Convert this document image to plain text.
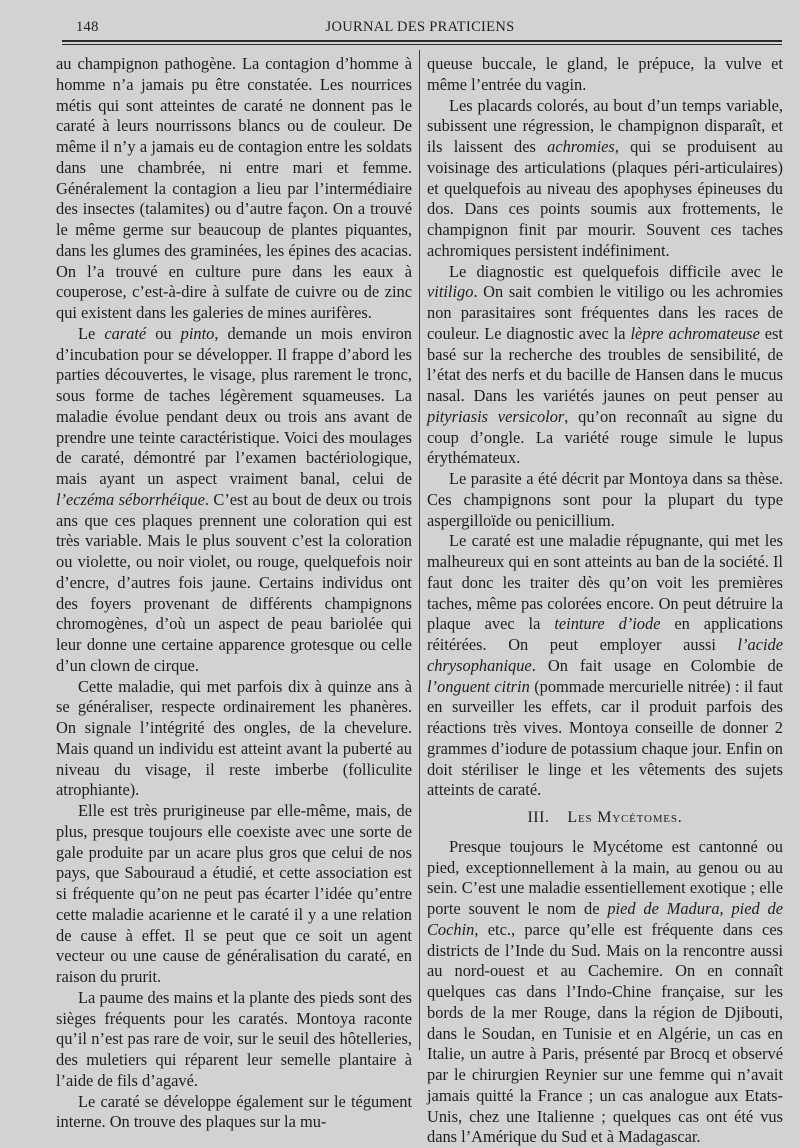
148	JOURNAL DES PRATICIENS

au champignon pathogène. La contagion d’homme à homme n’a jamais pu être constatée. Les nourrices métis qui sont atteintes de caraté ne donnent pas le caraté à leurs nourrissons blancs ou de couleur. De même il n’y a jamais eu de contagion entre les soldats dans une chambrée, ni entre mari et femme. Généralement la contagion a lieu par l’intermédiaire des insectes (talamites) ou d’autre façon. On a trouvé le même germe sur beaucoup de plantes piquantes, dans les glumes des graminées, les épines des acacias. On l’a trouvé en culture pure dans les eaux à couperose, c’est-à-dire à sulfate de cuivre ou de zinc qui existent dans les galeries de mines aurifères.

Le caraté ou pinto, demande un mois environ d’incubation pour se développer. Il frappe d’abord les parties découvertes, le visage, plus rarement le tronc, sous forme de taches légèrement squameuses. La maladie évolue pendant deux ou trois ans avant de prendre une teinte caractéristique. Voici des moulages de caraté, démontré par l’examen bactériologique, mais ayant un aspect vraiment banal, celui de l’eczéma séborrhéique. C’est au bout de deux ou trois ans que ces plaques prennent une coloration qui est très variable. Mais le plus souvent c’est la coloration ou violette, ou noir violet, ou rouge, quelquefois noir d’encre, d’autres fois jaune. Certains individus ont des foyers provenant de différents champignons chromogènes, d’où un aspect de peau bariolée qui leur donne une certaine apparence grotesque ou celle d’un clown de cirque.

Cette maladie, qui met parfois dix à quinze ans à se généraliser, respecte ordinairement les phanères. On signale l’intégrité des ongles, de la chevelure. Mais quand un individu est atteint avant la puberté au niveau du visage, il reste imberbe (folliculite atrophiante).

Elle est très prurigineuse par elle-même, mais, de plus, presque toujours elle coexiste avec une sorte de gale produite par un acare plus gros que celui de nos pays, que Sabouraud a étudié, et cette association est si fréquente qu’on ne peut pas écarter l’idée qu’entre cette maladie acarienne et le caraté il y a une relation de cause à effet. Il se peut que ce soit un agent vecteur ou une cause de généralisation du caraté, en raison du prurit.

La paume des mains et la plante des pieds sont des sièges fréquents pour les caratés. Montoya raconte qu’il n’est pas rare de voir, sur le seuil des hôtelleries, des muletiers qui réparent leur semelle plantaire à l’aide de fils d’agavé.

Le caraté se développe également sur le tégument interne. On trouve des plaques sur la mu-

queuse buccale, le gland, le prépuce, la vulve et même l’entrée du vagin.

Les placards colorés, au bout d’un temps variable, subissent une régression, le champignon disparaît, et ils laissent des achromies, qui se produisent au voisinage des articulations (plaques péri-articulaires) et quelquefois au niveau des apophyses épineuses du dos. Dans ces points soumis aux frottements, le champignon finit par mourir. Souvent ces taches achromiques persistent indéfiniment.

Le diagnostic est quelquefois difficile avec le vitiligo. On sait combien le vitiligo ou les achromies non parasitaires sont fréquentes dans les races de couleur. Le diagnostic avec la lèpre achromateuse est basé sur la recherche des troubles de sensibilité, de l’état des nerfs et du bacille de Hansen dans le mucus nasal. Dans les variétés jaunes on peut penser au pityriasis versicolor, qu’on reconnaît au signe du coup d’ongle. La variété rouge simule le lupus érythémateux.

Le parasite a été décrit par Montoya dans sa thèse. Ces champignons sont pour la plupart du type aspergilloïde ou penicillium.

Le caraté est une maladie répugnante, qui met les malheureux qui en sont atteints au ban de la société. Il faut donc les traiter dès qu’on voit les premières taches, même pas colorées encore. On peut détruire la plaque avec la teinture d’iode en applications réitérées. On peut employer aussi l’acide chrysophanique. On fait usage en Colombie de l’onguent citrin (pommade mercurielle nitrée) : il faut en surveiller les effets, car il produit parfois des réactions très vives. Montoya conseille de donner 2 grammes d’iodure de potassium chaque jour. Enfin on doit stériliser le linge et les vêtements des sujets atteints de caraté.

III. Les Mycétomes.

Presque toujours le Mycétome est cantonné ou pied, exceptionnellement à la main, au genou ou au sein. C’est une maladie essentiellement exotique ; elle porte souvent le nom de pied de Madura, pied de Cochin, etc., parce qu’elle est fréquente dans ces districts de l’Inde du Sud. Mais on la rencontre aussi au nord-ouest et au Cachemire. On en connaît quelques cas dans l’Indo-Chine française, sur les bords de la mer Rouge, dans la région de Djibouti, dans le Soudan, en Tunisie et en Algérie, un cas en Italie, un autre à Paris, présenté par Brocq et observé par le chirurgien Reynier sur une femme qui n’avait jamais quitté la France ; un cas analogue aux Etats-Unis, chez une Italienne ; quelques cas ont été vus dans l’Amérique du Sud et à Madagascar.
